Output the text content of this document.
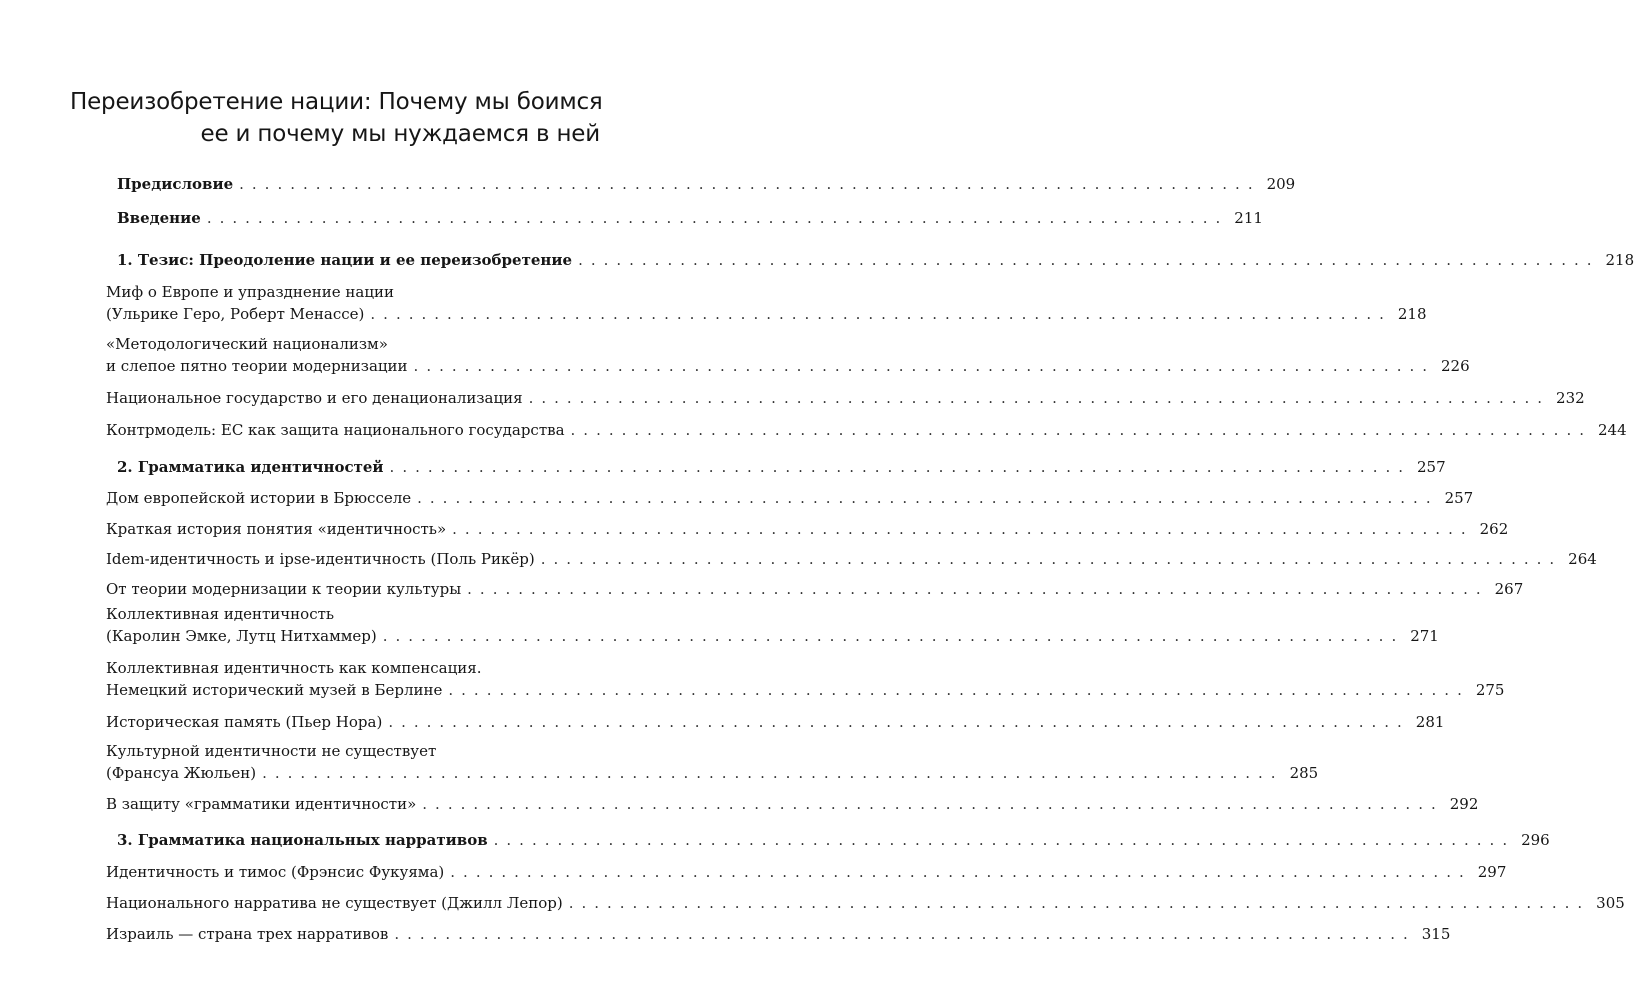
Переизобретение нации: Почему мы боимся
ее и почему мы нуждаемся в ней
Предисловие ................................................................................ 209
Введение ................................................................................ 211
1. Тезис: Преодоление нации и ее переизобретение ................................................................................ 218
Миф о Европе и упразднение нации
(Ульрике Геро, Роберт Менассе) ................................................................................ 218
«Методологический национализм»
и слепое пятно теории модернизации ................................................................................ 226
Национальное государство и его денационализация ................................................................................ 232
Контрмодель: ЕС как защита национального государства ................................................................................ 244
2. Грамматика идентичностей ................................................................................ 257
Дом европейской истории в Брюсселе ................................................................................ 257
Краткая история понятия «идентичность» ................................................................................ 262
Idem-идентичность и ipse-идентичность (Поль Рикёр) ................................................................................ 264
От теории модернизации к теории культуры ................................................................................ 267
Коллективная идентичность
(Каролин Эмке, Лутц Нитхаммер) ................................................................................ 271
Коллективная идентичность как компенсация.
Немецкий исторический музей в Берлине ................................................................................ 275
Историческая память (Пьер Нора) ................................................................................ 281
Культурной идентичности не существует
(Франсуа Жюльен) ................................................................................ 285
В защиту «грамматики идентичности» ................................................................................ 292
3. Грамматика национальных нарративов ................................................................................ 296
Идентичность и тимос (Фрэнсис Фукуяма) ................................................................................ 297
Национального нарратива не существует (Джилл Лепор) ................................................................................ 305
Израиль — страна трех нарративов ................................................................................ 315
